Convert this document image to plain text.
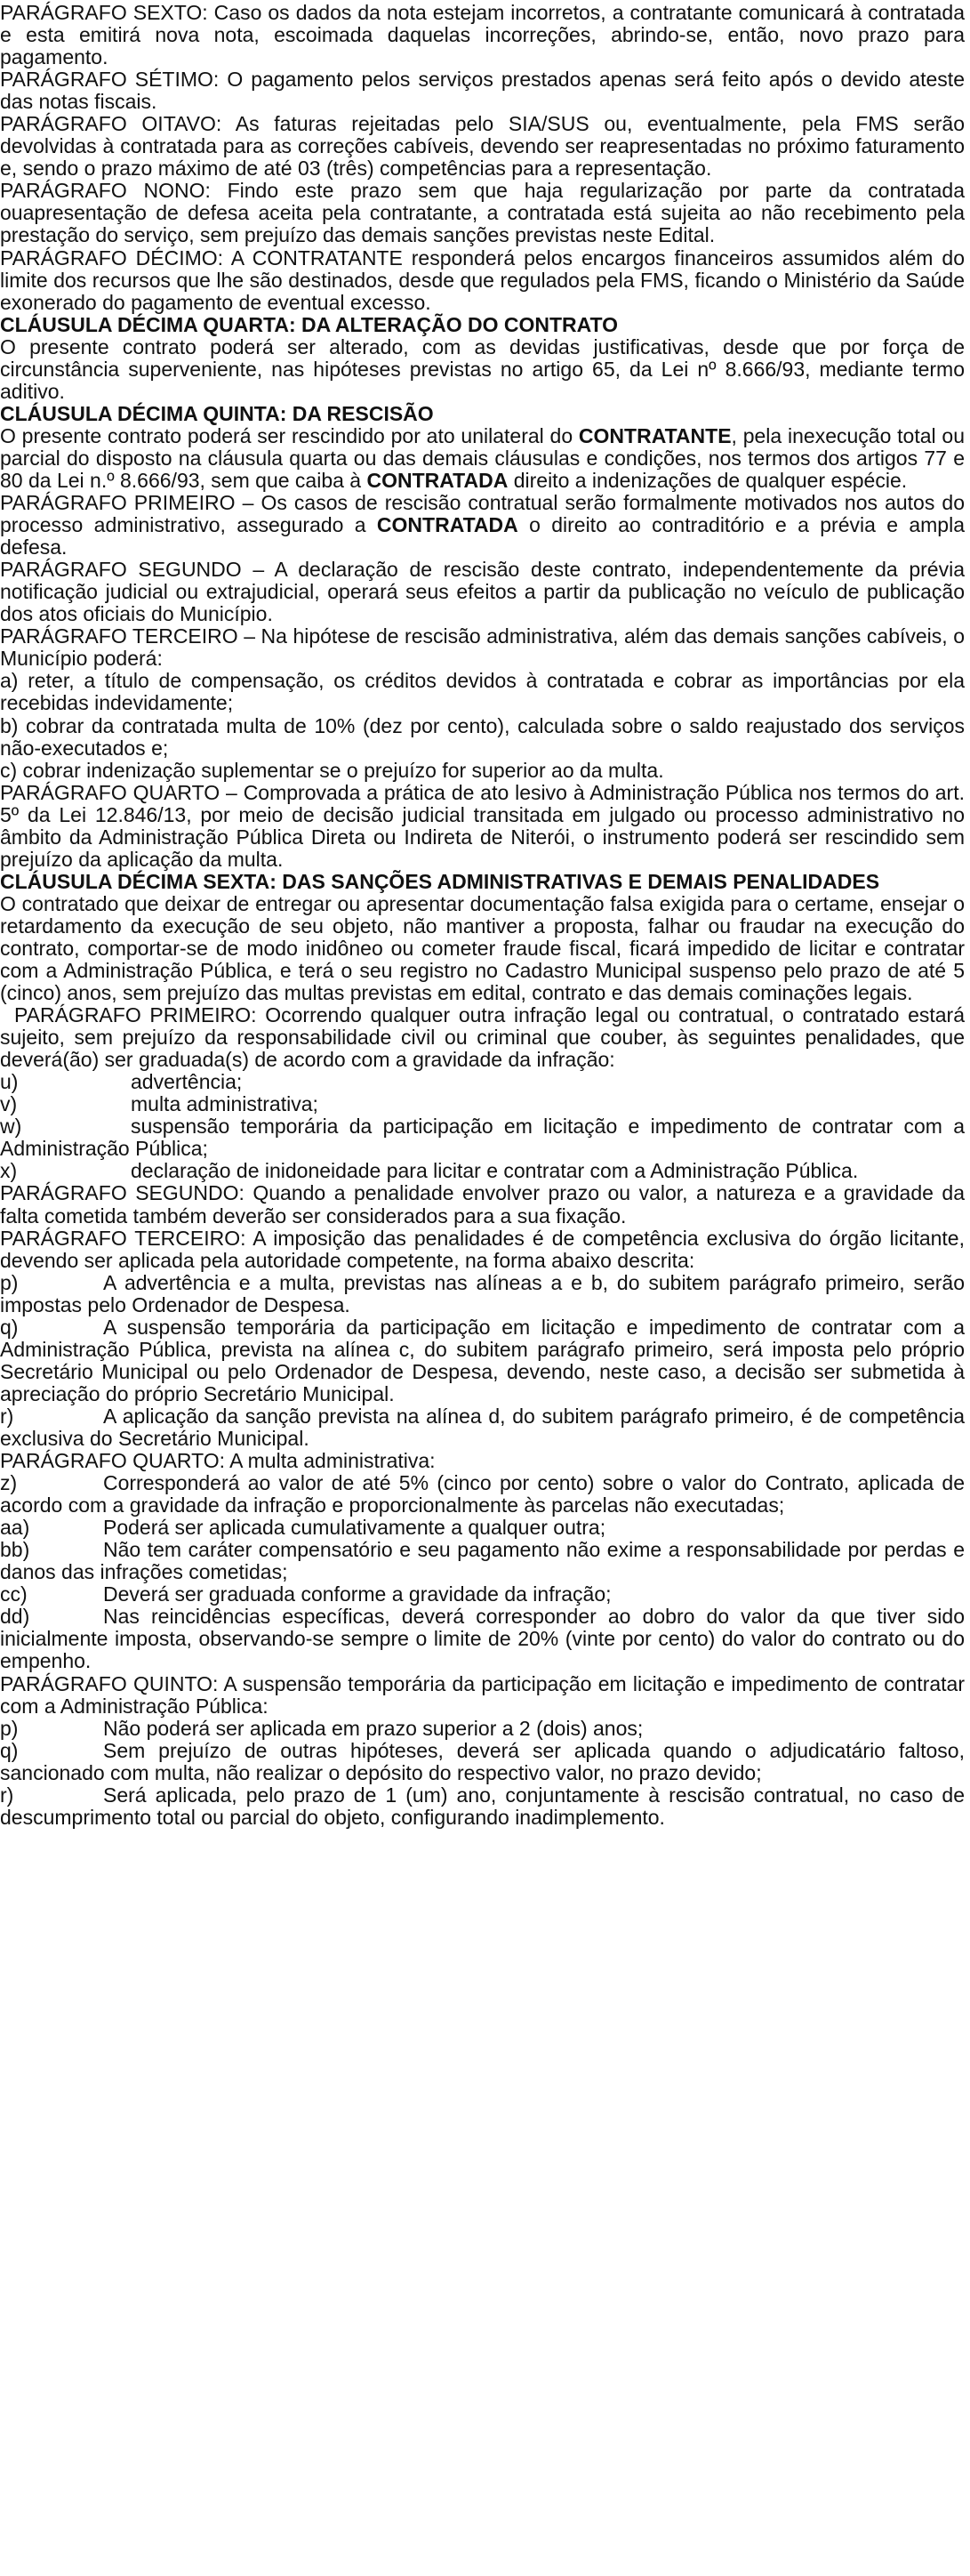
PARÁGRAFO SEXTO: Caso os dados da nota estejam incorretos, a contratante comunicará à contratada e esta emitirá nova nota, escoimada daquelas incorreções, abrindo-se, então, novo prazo para pagamento.

PARÁGRAFO SÉTIMO: O pagamento pelos serviços prestados apenas será feito após o devido ateste das notas fiscais.

PARÁGRAFO OITAVO: As faturas rejeitadas pelo SIA/SUS ou, eventualmente, pela FMS serão devolvidas à contratada para as correções cabíveis, devendo ser reapresentadas no próximo faturamento e, sendo o prazo máximo de até 03 (três) competências para a representação.

PARÁGRAFO NONO: Findo este prazo sem que haja regularização por parte da contratada ouapresentação de defesa aceita pela contratante, a contratada está sujeita ao não recebimento pela prestação do serviço, sem prejuízo das demais sanções previstas neste Edital.

PARÁGRAFO DÉCIMO: A CONTRATANTE responderá pelos encargos financeiros assumidos além do limite dos recursos que lhe são destinados, desde que regulados pela FMS, ficando o Ministério da Saúde exonerado do pagamento de eventual excesso.

CLÁUSULA DÉCIMA QUARTA: DA ALTERAÇÃO DO CONTRATO

O presente contrato poderá ser alterado, com as devidas justificativas, desde que por força de circunstância superveniente, nas hipóteses previstas no artigo 65, da Lei nº 8.666/93, mediante termo aditivo.

CLÁUSULA DÉCIMA QUINTA: DA RESCISÃO

O presente contrato poderá ser rescindido por ato unilateral do CONTRATANTE, pela inexecução total ou parcial do disposto na cláusula quarta ou das demais cláusulas e condições, nos termos dos artigos 77 e 80 da Lei n.º 8.666/93, sem que caiba à CONTRATADA direito a indenizações de qualquer espécie.

PARÁGRAFO PRIMEIRO – Os casos de rescisão contratual serão formalmente motivados nos autos do processo administrativo, assegurado a CONTRATADA o direito ao contraditório e a prévia e ampla defesa.

PARÁGRAFO SEGUNDO – A declaração de rescisão deste contrato, independentemente da prévia notificação judicial ou extrajudicial, operará seus efeitos a partir da publicação no veículo de publicação dos atos oficiais do Município.

PARÁGRAFO TERCEIRO – Na hipótese de rescisão administrativa, além das demais sanções cabíveis, o Município poderá:

a) reter, a título de compensação, os créditos devidos à contratada e cobrar as importâncias por ela recebidas indevidamente;

b) cobrar da contratada multa de 10% (dez por cento), calculada sobre o saldo reajustado dos serviços não-executados e;

c) cobrar indenização suplementar se o prejuízo for superior ao da multa.

PARÁGRAFO QUARTO – Comprovada a prática de ato lesivo à Administração Pública nos termos do art. 5º da Lei 12.846/13, por meio de decisão judicial transitada em julgado ou processo administrativo no âmbito da Administração Pública Direta ou Indireta de Niterói, o instrumento poderá ser rescindido sem prejuízo da aplicação da multa.

CLÁUSULA DÉCIMA SEXTA: DAS SANÇÕES ADMINISTRATIVAS E DEMAIS PENALIDADES

O contratado que deixar de entregar ou apresentar documentação falsa exigida para o certame, ensejar o retardamento da execução de seu objeto, não mantiver a proposta, falhar ou fraudar na execução do contrato, comportar-se de modo inidôneo ou cometer fraude fiscal, ficará impedido de licitar e contratar com a Administração Pública, e terá o seu registro no Cadastro Municipal suspenso pelo prazo de até 5 (cinco) anos, sem prejuízo das multas previstas em edital, contrato e das demais cominações legais.

PARÁGRAFO PRIMEIRO: Ocorrendo qualquer outra infração legal ou contratual, o contratado estará sujeito, sem prejuízo da responsabilidade civil ou criminal que couber, às seguintes penalidades, que deverá(ão) ser graduada(s) de acordo com a gravidade da infração:

u)	advertência;
v)	multa administrativa;

w)	suspensão temporária da participação em licitação e impedimento de contratar com a Administração Pública;

x)	declaração de inidoneidade para licitar e contratar com a Administração Pública.

PARÁGRAFO SEGUNDO: Quando a penalidade envolver prazo ou valor, a natureza e a gravidade da falta cometida também deverão ser considerados para a sua fixação.

PARÁGRAFO TERCEIRO: A imposição das penalidades é de competência exclusiva do órgão licitante, devendo ser aplicada pela autoridade competente, na forma abaixo descrita:

p)	A advertência e a multa, previstas nas alíneas a e b, do subitem parágrafo primeiro, serão impostas pelo Ordenador de Despesa.

q)	A suspensão temporária da participação em licitação e impedimento de contratar com a Administração Pública, prevista na alínea c, do subitem parágrafo primeiro, será imposta pelo próprio Secretário Municipal ou pelo Ordenador de Despesa, devendo, neste caso, a decisão ser submetida à apreciação do próprio Secretário Municipal.

r)	A aplicação da sanção prevista na alínea d, do subitem parágrafo primeiro, é de competência exclusiva do Secretário Municipal.

PARÁGRAFO QUARTO: A multa administrativa:

z)	Corresponderá ao valor de até 5% (cinco por cento) sobre o valor do Contrato, aplicada de acordo com a gravidade da infração e proporcionalmente às parcelas não executadas;

aa)	Poderá ser aplicada cumulativamente a qualquer outra;

bb)	Não tem caráter compensatório e seu pagamento não exime a responsabilidade por perdas e danos das infrações cometidas;

cc)	Deverá ser graduada conforme a gravidade da infração;

dd)	Nas reincidências específicas, deverá corresponder ao dobro do valor da que tiver sido inicialmente imposta, observando-se sempre o limite de 20% (vinte por cento) do valor do contrato ou do empenho.

PARÁGRAFO QUINTO: A suspensão temporária da participação em licitação e impedimento de contratar com a Administração Pública:

p)	Não poderá ser aplicada em prazo superior a 2 (dois) anos;

q)	Sem prejuízo de outras hipóteses, deverá ser aplicada quando o adjudicatário faltoso, sancionado com multa, não realizar o depósito do respectivo valor, no prazo devido;

r)	Será aplicada, pelo prazo de 1 (um) ano, conjuntamente à rescisão contratual, no caso de descumprimento total ou parcial do objeto, configurando inadimplemento.
